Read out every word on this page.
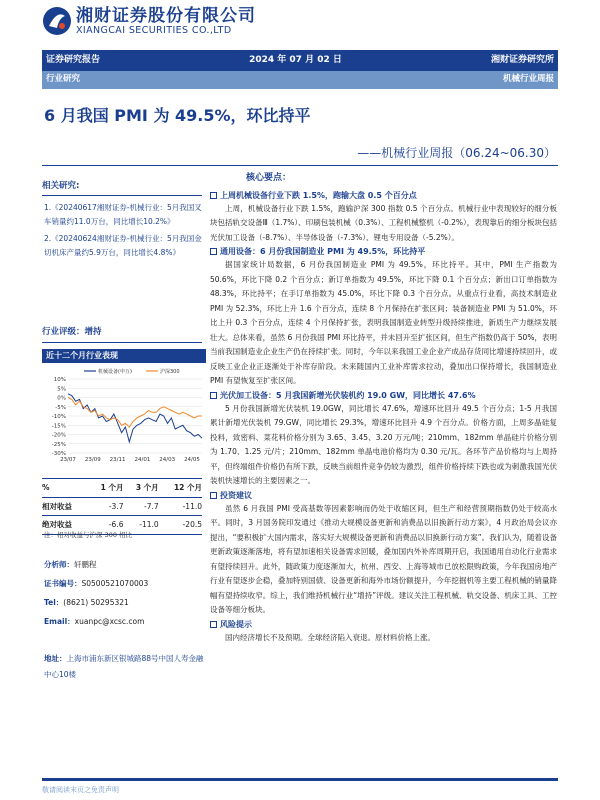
湘财证券股份有限公司
XIANGCAI SECURITIES CO.,LTD
证券研究报告	2024 年 07 月 02 日	湘财证券研究所
行业研究	机械行业周报
6 月我国 PMI 为 49.5%，环比持平
——机械行业周报（06.24~06.30）
相关研究:
1.《20240617湘财证券-机械行业：5月我国叉车销量约11.0万台，同比增长10.2%》
2.《20240624湘财证券-机械行业：5月我国金切机床产量约5.9万台，同比增长4.8%》
行业评级：增持
近十二个月行业表现
10%
5%
0%
-5%
-10%
-15%
-20%
-25%
-30%
23/07 23/09 23/11 24/01 24/03 24/05
机械设备(申万)	沪深300
%	1 个月	3 个月	12 个月
相对收益	-3.7	-7.7	-11.0
绝对收益	-6.6	-11.0	-20.5
注：相对收益与沪深 300 相比
分析师：轩鹏程
证书编号：S0500521070003
Tel：(8621) 50295321
Email：xuanpc@xcsc.com
地址：上海市浦东新区银城路88号中国人寿金融中心10楼
核心要点：
上周机械设备行业下跌 1.5%，跑输大盘 0.5 个百分点
上周，机械设备行业下跌 1.5%，跑输沪深 300 指数 0.5 个百分点。机械行业中表现较好的细分板块包括轨交设备Ⅲ（1.7%）、印刷包装机械（0.3%）、工程机械整机（-0.2%），表现靠后的细分板块包括光伏加工设备（-8.7%）、半导体设备（-7.3%）、锂电专用设备（-5.2%）。
通用设备：6 月份我国制造业 PMI 为 49.5%，环比持平
据国家统计局数据，6 月份我国制造业 PMI 为 49.5%，环比持平。其中，PMI 生产指数为 50.6%，环比下降 0.2 个百分点；新订单指数为 49.5%，环比下降 0.1 个百分点；新出口订单指数为 48.3%，环比持平；在手订单指数为 45.0%，环比下降 0.3 个百分点。从重点行业看，高技术制造业 PMI 为 52.3%，环比上升 1.6 个百分点，连续 8 个月保持在扩张区间；装备制造业 PMI 为 51.0%，环比上升 0.3 个百分点，连续 4 个月保持扩张，表明我国制造业转型升级持续推进，新质生产力继续发展壮大。总体来看，虽然 6 月份我国 PMI 环比持平，并未回升至扩张区间，但生产指数仍高于 50%，表明当前我国制造业企业生产仍在持续扩张。同时，今年以来我国工业企业产成品存货同比增速持续回升，或反映工业企业正逐渐处于补库存阶段。未来随国内工业补库需求拉动，叠加出口保持增长，我国制造业 PMI 有望恢复至扩张区间。
光伏加工设备：5 月我国新增光伏装机约 19.0 GW，同比增长 47.6%
5 月份我国新增光伏装机 19.0GW，同比增长 47.6%，增速环比回升 49.5 个百分点；1-5 月我国累计新增光伏装机 79.GW，同比增长 29.3%，增速环比回升 4.9 个百分点。价格方面，上周多晶硅复投料，致密料、菜花料价格分别为 3.65、3.45、3.20 万元/吨；210mm、182mm 单晶硅片价格分别为 1.70、1.25 元/片；210mm、182mm 单晶电池价格均为 0.30 元/瓦。各环节产品价格均与上周持平，但终端组件价格仍有所下跌，反映当前组件竞争仍较为激烈，组件价格持续下跌也或为刺激我国光伏装机快速增长的主要因素之一。
投资建议
虽然 6 月我国 PMI 受高基数等因素影响而仍处于收缩区间，但生产和经营预期指数仍处于较高水平。同时，3 月国务院印发通过《推动大规模设备更新和消费品以旧换新行动方案》，4 月政治局会议亦提出，“要积极扩大国内需求，落实好大规模设备更新和消费品以旧换新行动方案”。我们认为，随着设备更新政策逐渐落地，将有望加速相关设备需求回暖，叠加国内外补库周期开启，我国通用自动化行业需求有望持续回升。此外，随政策力度逐渐加大，杭州、西安、上海等城市已放松限购政策，今年我国房地产行业有望逐步企稳，叠加特别国债、设备更新和海外市场份额提升，今年挖掘机等主要工程机械的销量降幅有望持续收窄。综上，我们维持机械行业“增持”评级。建议关注工程机械、轨交设备、机床工具、工控设备等细分板块。
风险提示
国内经济增长不及预期。全球经济陷入衰退。原材料价格上涨。
敬请阅读末页之免责声明
